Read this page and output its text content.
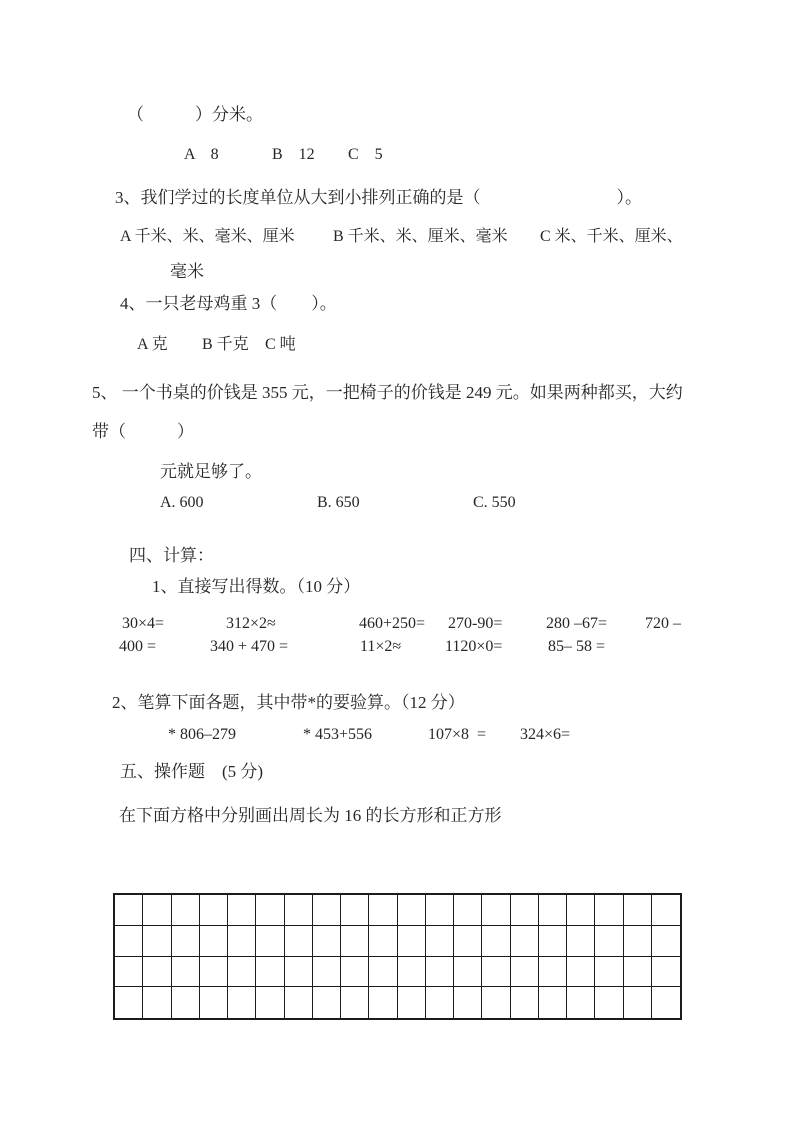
（　　　）分米。
A　8	B　12 C　5
3、我们学过的长度单位从大到小排列正确的是（　　　　　　　　）。
A 千米、米、毫米、厘米 B 千米、米、厘米、毫米 C 米、千米、厘米、
毫米
4、一只老母鸡重 3（　　）。
A 克 B 千克 C 吨
5、 一个书桌的价钱是 355 元，一把椅子的价钱是 249 元。如果两种都买，大约
带（　　　）
元就足够了。
A. 600	B. 650	C. 550
四、计算：
1、直接写出得数。（10 分）
30×4=	312×2≈	460+250= 270-90=	280 –67= 720 –
400 =	340 + 470 =	11×2≈	1120×0=	85– 58 =
2、笔算下面各题，其中带*的要验算。（12 分）
* 806–279	* 453+556	107×8  = 324×6=
五、操作题　(5 分)
在下面方格中分别画出周长为 16 的长方形和正方形
